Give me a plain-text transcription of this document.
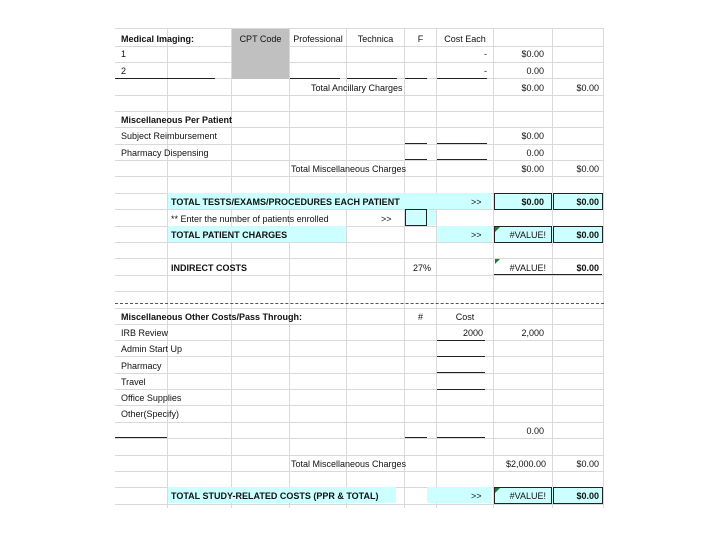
Medical Imaging:	CPT Code	Professional	Technica	F	Cost Each
1	-	$0.00
2	-	0.00
Total Ancillary Charges	$0.00	$0.00
Miscellaneous Per Patient
Subject Reimbursement	$0.00
Pharmacy Dispensing	0.00
Total Miscellaneous Charges	$0.00	$0.00
TOTAL TESTS/EXAMS/PROCEDURES EACH PATIENT	>>	$0.00	$0.00
** Enter the number of patients enrolled	>>
TOTAL PATIENT CHARGES	>>	#VALUE!	$0.00
INDIRECT COSTS	27%	#VALUE!	$0.00
Miscellaneous Other Costs/Pass Through:	#	Cost
IRB Review	2000	2,000
Admin Start Up
Pharmacy
Travel
Office Supplies
Other(Specify)
0.00
Total Miscellaneous Charges	$2,000.00	$0.00
TOTAL STUDY-RELATED COSTS (PPR & TOTAL)	>>	#VALUE!	$0.00
